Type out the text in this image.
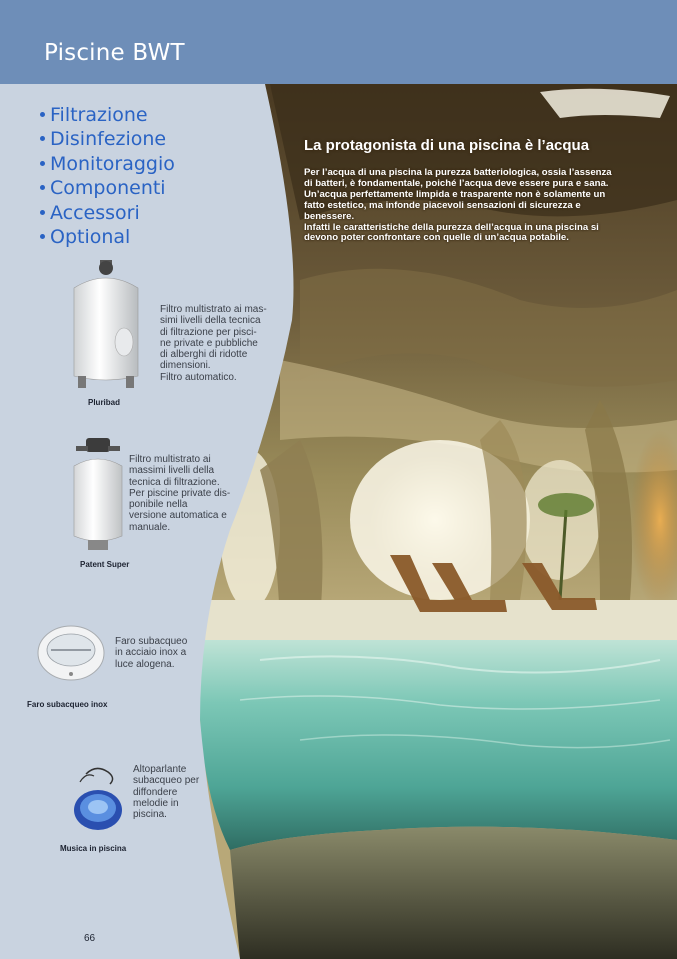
Piscine BWT
Filtrazione
Disinfezione
Monitoraggio
Componenti
Accessori
Optional
Filtro multistrato ai mas-
simi livelli della tecnica
di filtrazione per pisci-
ne private e pubbliche
di alberghi di ridotte
dimensioni.
Filtro automatico.
Pluribad
Filtro multistrato ai
massimi livelli della
tecnica di filtrazione.
Per piscine private dis-
ponibile nella
versione automatica e
manuale.
Patent Super
Faro subacqueo
in acciaio inox a
luce alogena.
Faro subacqueo inox
Altoparlante
subacqueo per
diffondere
melodie in
piscina.
Musica in piscina
66
La protagonista di una piscina è l’acqua

Per l’acqua di una piscina la purezza batteriologica, ossia l’assenza di batteri, è fondamentale, poiché l’acqua deve essere pura e sana.

Un’acqua perfettamente limpida e trasparente non è solamente un fatto estetico, ma infonde piacevoli sensazioni di sicurezza e benessere.

Infatti le caratteristiche della purezza dell’acqua in una piscina si devono poter confrontare con quelle di un’acqua potabile.
